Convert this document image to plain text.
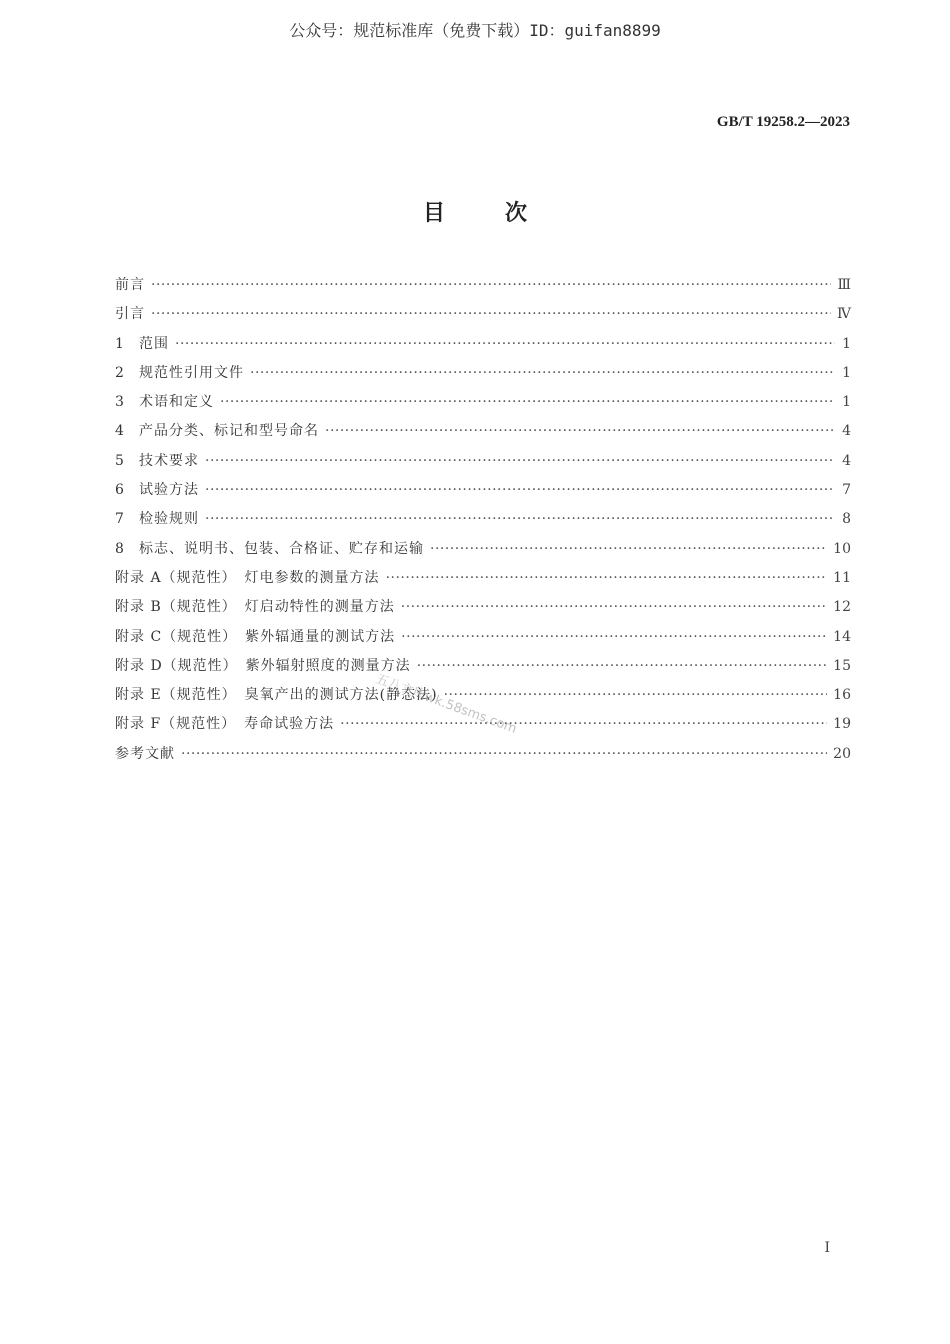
公众号：规范标准库（免费下载）ID：guifan8899
GB/T 19258.2—2023
目	次
前言 ·····	Ⅲ
引言 ·····	Ⅳ
1	范围 ·····	1
2	规范性引用文件 ·····	1
3	术语和定义 ·····	1
4	产品分类、标记和型号命名 ·····	4
5	技术要求 ·····	4
6	试验方法 ·····	7
7	检验规则 ·····	8
8	标志、说明书、包装、合格证、贮存和运输 ·····	10
附录 A（规范性）　灯电参数的测量方法 ·····	11
附录 B（规范性）　灯启动特性的测量方法 ·····	12
附录 C（规范性）　紫外辐通量的测试方法 ·····	14
附录 D（规范性）　紫外辐射照度的测量方法 ·····	15
附录 E（规范性）　臭氧产出的测试方法(静态法) ·····	16
附录 F（规范性）　寿命试验方法 ·····	19
参考文献 ·····	20
五八文库wk.58sms.com
I
